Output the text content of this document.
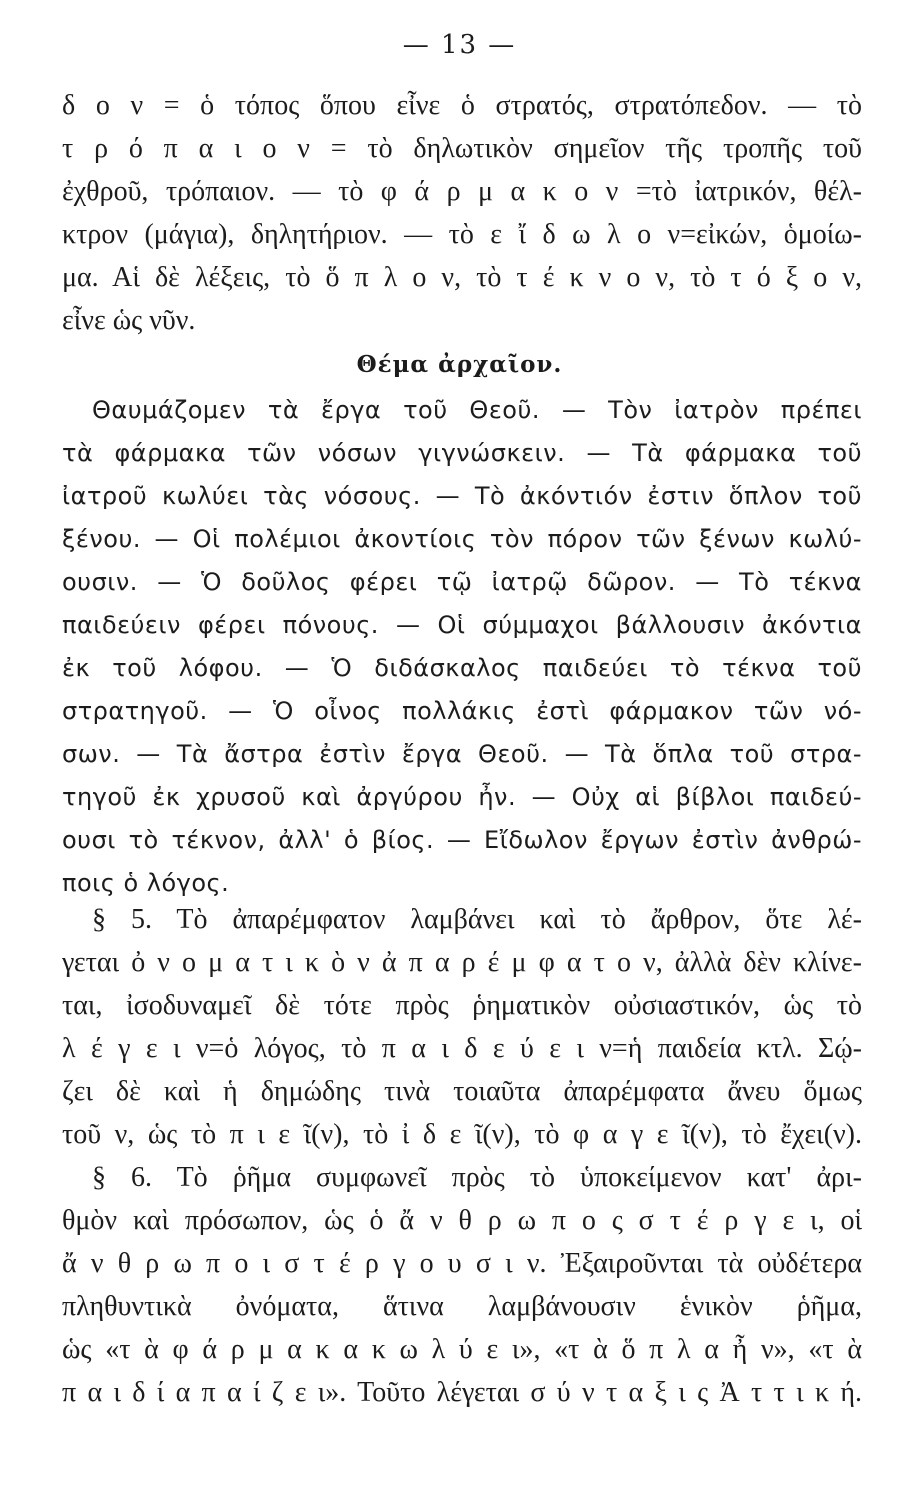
— 13 —
δ ο ν = ὁ τόπος ὅπου εἶνε ὁ στρατός, στρατόπεδον. — τὸ
τ ρ ό π α ι ο ν = τὸ δηλωτικὸν σημεῖον τῆς τροπῆς τοῦ
ἐχθροῦ, τρόπαιον. — τὸ φ ά ρ μ α κ ο ν =τὸ ἰατρικόν, θέλ-
κτρον (μάγια), δηλητήριον. — τὸ ε ἴ δ ω λ ο ν=εἰκών, ὁμοίω-
μα. Αἱ δὲ λέξεις, τὸ ὅ π λ ο ν, τὸ τ έ κ ν ο ν, τὸ τ ό ξ ο ν,
εἶνε ὡς νῦν.
Θέμα ἀρχαῖον.
Θαυμάζομεν τὰ ἔργα τοῦ Θεοῦ. — Τὸν ἰατρὸν πρέπει
τὰ φάρμακα τῶν νόσων γιγνώσκειν. — Τὰ φάρμακα τοῦ
ἰατροῦ κωλύει τὰς νόσους. — Τὸ ἀκόντιόν ἐστιν ὅπλον τοῦ
ξένου. — Οἱ πολέμιοι ἀκοντίοις τὸν πόρον τῶν ξένων κωλύ-
ουσιν. — Ὁ δοῦλος φέρει τῷ ἰατρῷ δῶρον. — Τὸ τέκνα
παιδεύειν φέρει πόνους. — Οἱ σύμμαχοι βάλλουσιν ἀκόντια
ἐκ τοῦ λόφου. — Ὁ διδάσκαλος παιδεύει τὸ τέκνα τοῦ
στρατηγοῦ. — Ὁ οἶνος πολλάκις ἐστὶ φάρμακον τῶν νό-
σων. — Τὰ ἄστρα ἐστὶν ἔργα Θεοῦ. — Τὰ ὅπλα τοῦ στρα-
τηγοῦ ἐκ χρυσοῦ καὶ ἀργύρου ἦν. — Οὐχ αἱ βίβλοι παιδεύ-
ουσι τὸ τέκνον, ἀλλ' ὁ βίος. — Εἴδωλον ἔργων ἐστὶν ἀνθρώ-
ποις ὁ λόγος.
§ 5. Τὸ ἀπαρέμφατον λαμβάνει καὶ τὸ ἄρθρον, ὅτε λέ-
γεται ὀ ν ο μ α τ ι κ ὸ ν ἀ π α ρ έ μ φ α τ ο ν, ἀλλὰ δὲν κλίνε-
ται, ἰσοδυναμεῖ δὲ τότε πρὸς ῥηματικὸν οὐσιαστικόν, ὡς τὸ
λ έ γ ε ι ν=ὁ λόγος, τὸ π α ι δ ε ύ ε ι ν=ἡ παιδεία κτλ. Σῴ-
ζει δὲ καὶ ἡ δημώδης τινὰ τοιαῦτα ἀπαρέμφατα ἄνευ ὅμως
τοῦ ν, ὡς τὸ π ι ε ῖ(ν), τὸ ἰ δ ε ῖ(ν), τὸ φ α γ ε ῖ(ν), τὸ ἔχει(ν).
§ 6. Τὸ ῥῆμα συμφωνεῖ πρὸς τὸ ὑποκείμενον κατ' ἀρι-
θμὸν καὶ πρόσωπον, ὡς ὁ ἄ ν θ ρ ω π ο ς σ τ έ ρ γ ε ι, οἱ
ἄ ν θ ρ ω π ο ι σ τ έ ρ γ ο υ σ ι ν. Ἐξαιροῦνται τὰ οὐδέτερα
πληθυντικὰ ὀνόματα, ἅτινα λαμβάνουσιν ἑνικὸν ῥῆμα,
ὡς «τ ὰ φ ά ρ μ α κ α κ ω λ ύ ε ι», «τ ὰ ὅ π λ α ἦ ν», «τ ὰ
π α ι δ ί α π α ί ζ ε ι». Τοῦτο λέγεται σ ύ ν τ α ξ ι ς Ἀ τ τ ι κ ή.
